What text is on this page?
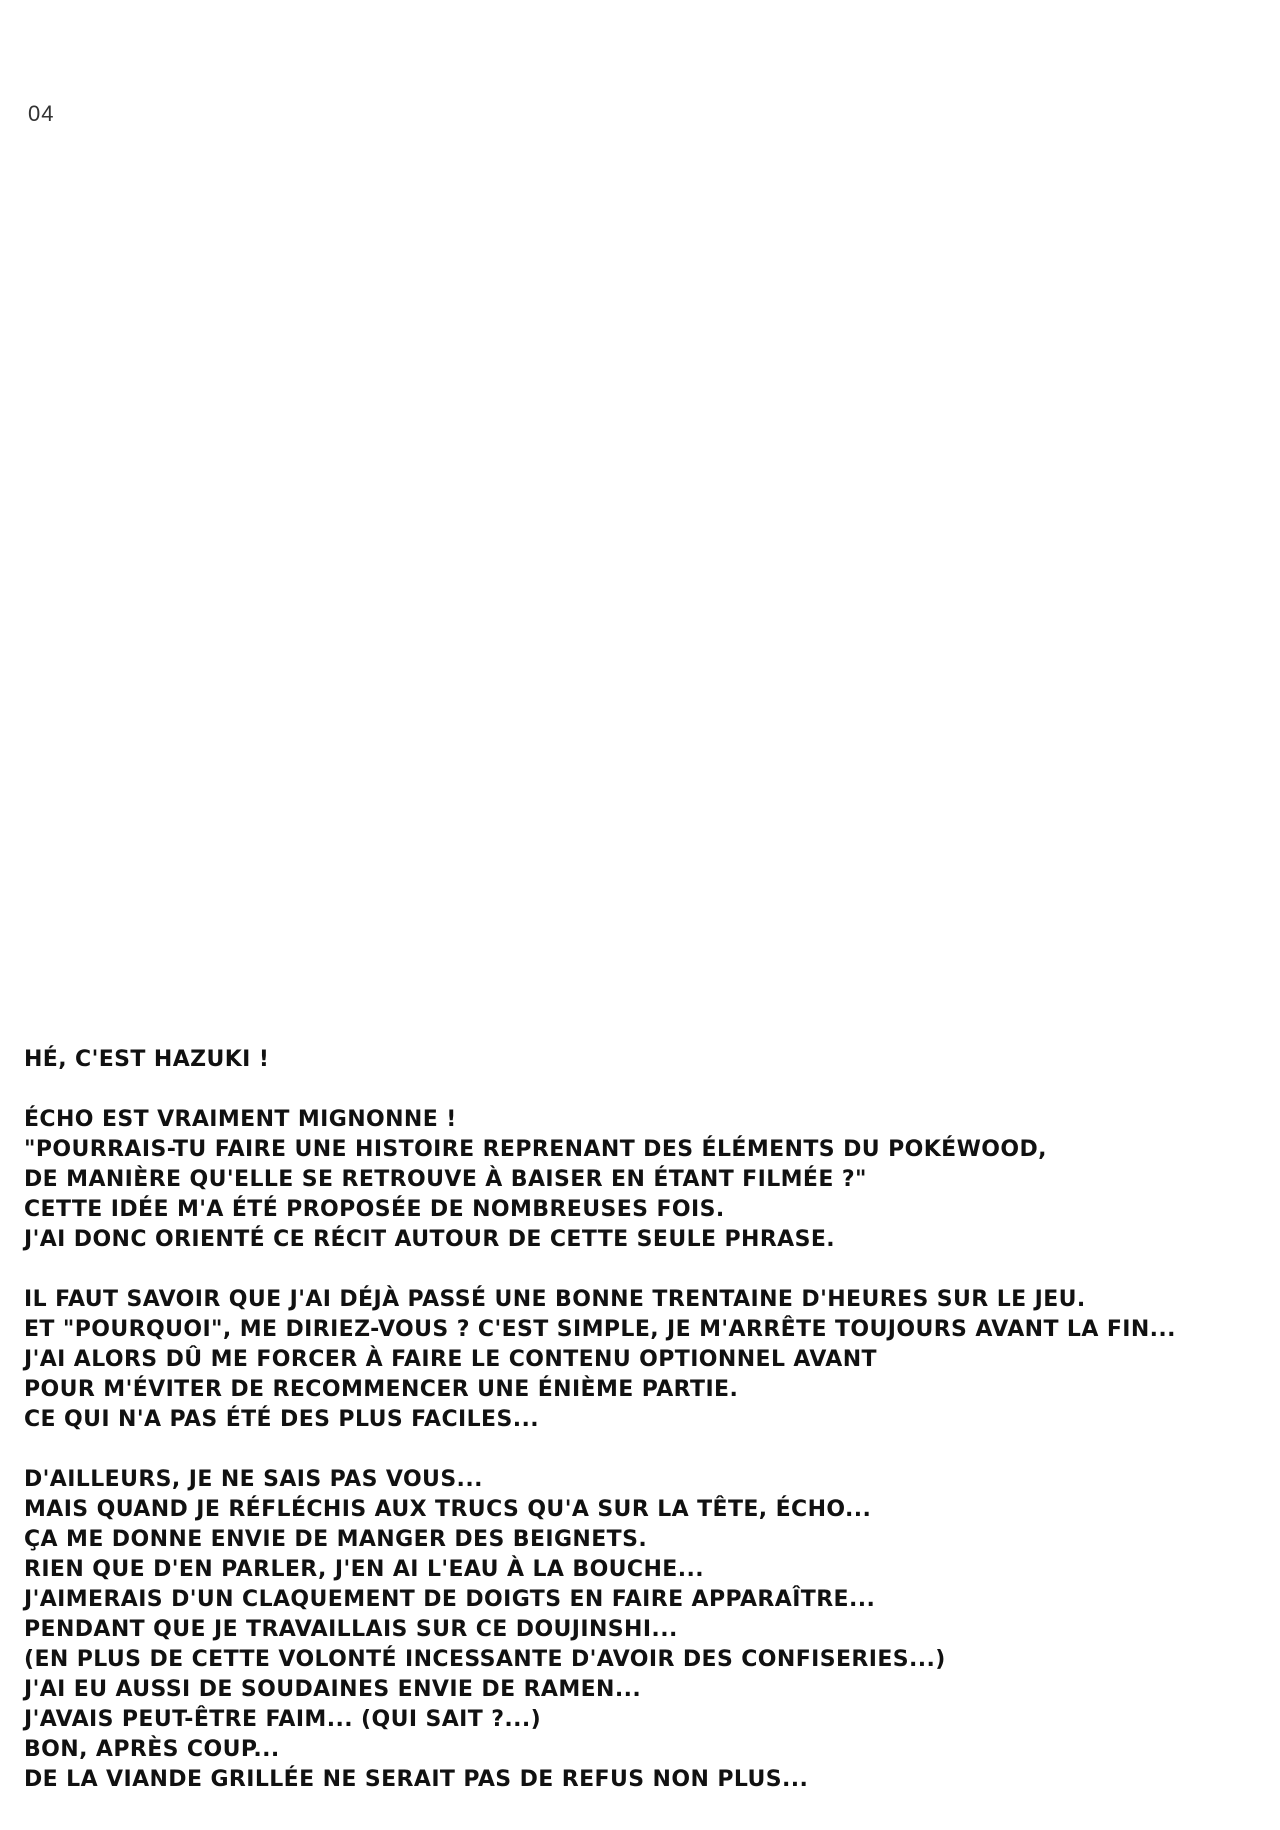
04
HÉ, C'EST HAZUKI !
ÉCHO EST VRAIMENT MIGNONNE !
"POURRAIS-TU FAIRE UNE HISTOIRE REPRENANT DES ÉLÉMENTS DU POKÉWOOD,
DE MANIÈRE QU'ELLE SE RETROUVE À BAISER EN ÉTANT FILMÉE ?"
CETTE IDÉE M'A ÉTÉ PROPOSÉE DE NOMBREUSES FOIS.
J'AI DONC ORIENTÉ CE RÉCIT AUTOUR DE CETTE SEULE PHRASE.
IL FAUT SAVOIR QUE J'AI DÉJÀ PASSÉ UNE BONNE TRENTAINE D'HEURES SUR LE JEU.
ET "POURQUOI", ME DIRIEZ-VOUS ? C'EST SIMPLE, JE M'ARRÊTE TOUJOURS AVANT LA FIN...
J'AI ALORS DÛ ME FORCER À FAIRE LE CONTENU OPTIONNEL AVANT
POUR M'ÉVITER DE RECOMMENCER UNE ÉNIÈME PARTIE.
CE QUI N'A PAS ÉTÉ DES PLUS FACILES...
D'AILLEURS, JE NE SAIS PAS VOUS...
MAIS QUAND JE RÉFLÉCHIS AUX TRUCS QU'A SUR LA TÊTE, ÉCHO...
ÇA ME DONNE ENVIE DE MANGER DES BEIGNETS.
RIEN QUE D'EN PARLER, J'EN AI L'EAU À LA BOUCHE...
J'AIMERAIS D'UN CLAQUEMENT DE DOIGTS EN FAIRE APPARAÎTRE...
PENDANT QUE JE TRAVAILLAIS SUR CE DOUJINSHI...
(EN PLUS DE CETTE VOLONTÉ INCESSANTE D'AVOIR DES CONFISERIES...)
J'AI EU AUSSI DE SOUDAINES ENVIE DE RAMEN...
J'AVAIS PEUT-ÊTRE FAIM... (QUI SAIT ?...)
BON, APRÈS COUP...
DE LA VIANDE GRILLÉE NE SERAIT PAS DE REFUS NON PLUS...
